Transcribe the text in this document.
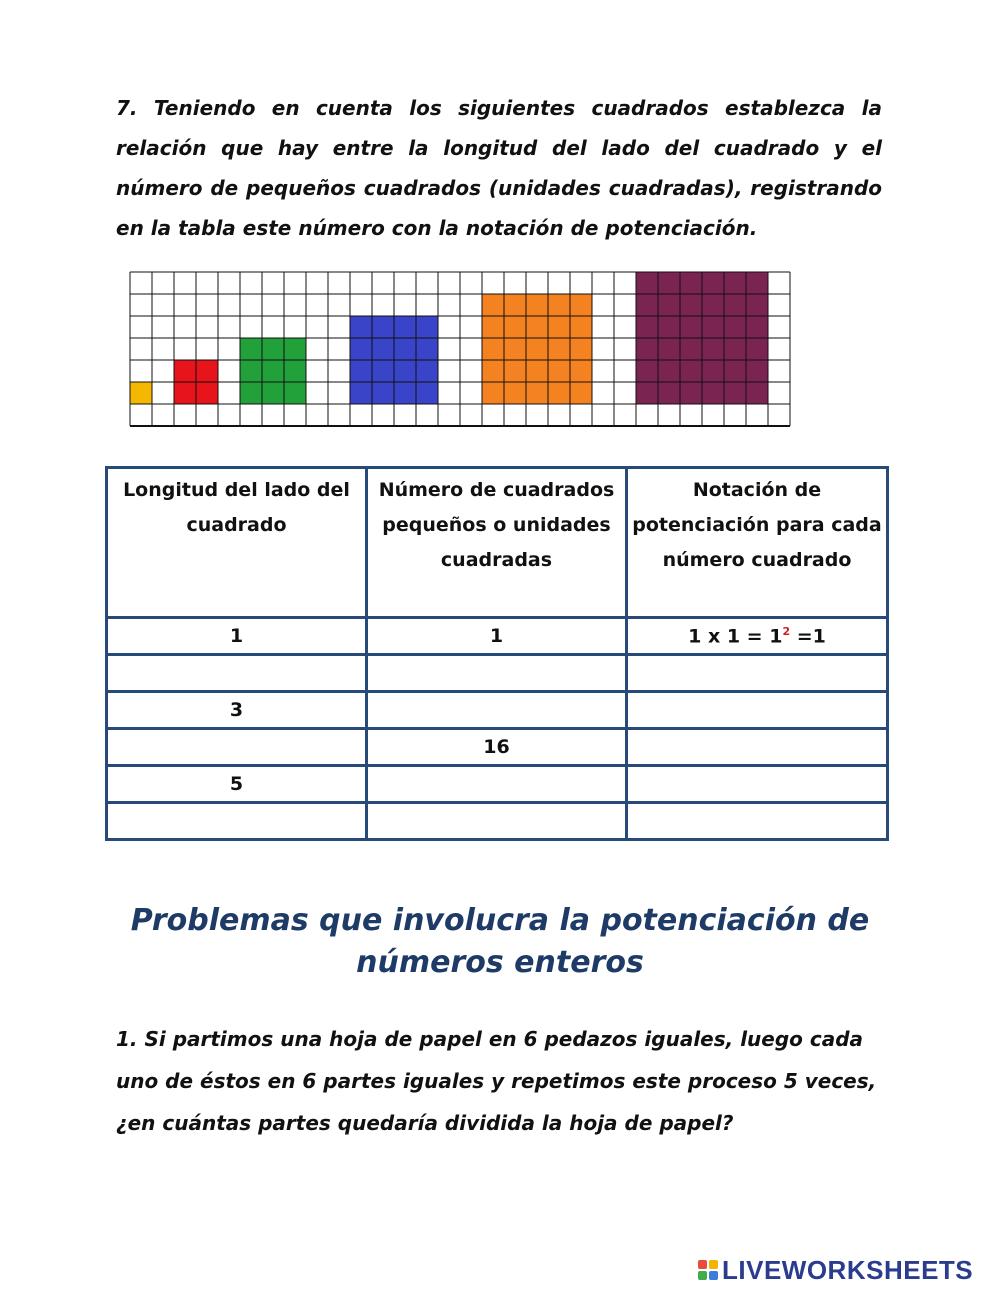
7. Teniendo en cuenta los siguientes cuadrados establezca la relación que hay entre la longitud del lado del cuadrado y el número de pequeños cuadrados (unidades cuadradas), registrando en la tabla este número con la notación de potenciación.

Longitud del lado del cuadrado	Número de cuadrados pequeños o unidades cuadradas	Notación de potenciación para cada número cuadrado
1	1	1 x $1 = 1^2 =1$

3		
	16	
5		

Problemas que involucra la potenciación de
números enteros

1. Si partimos una hoja de papel en 6 pedazos iguales, luego cada uno de éstos en 6 partes iguales y repetimos este proceso 5 veces, ¿en cuántas partes quedaría dividida la hoja de papel?

LIVEWORKSHEETS
